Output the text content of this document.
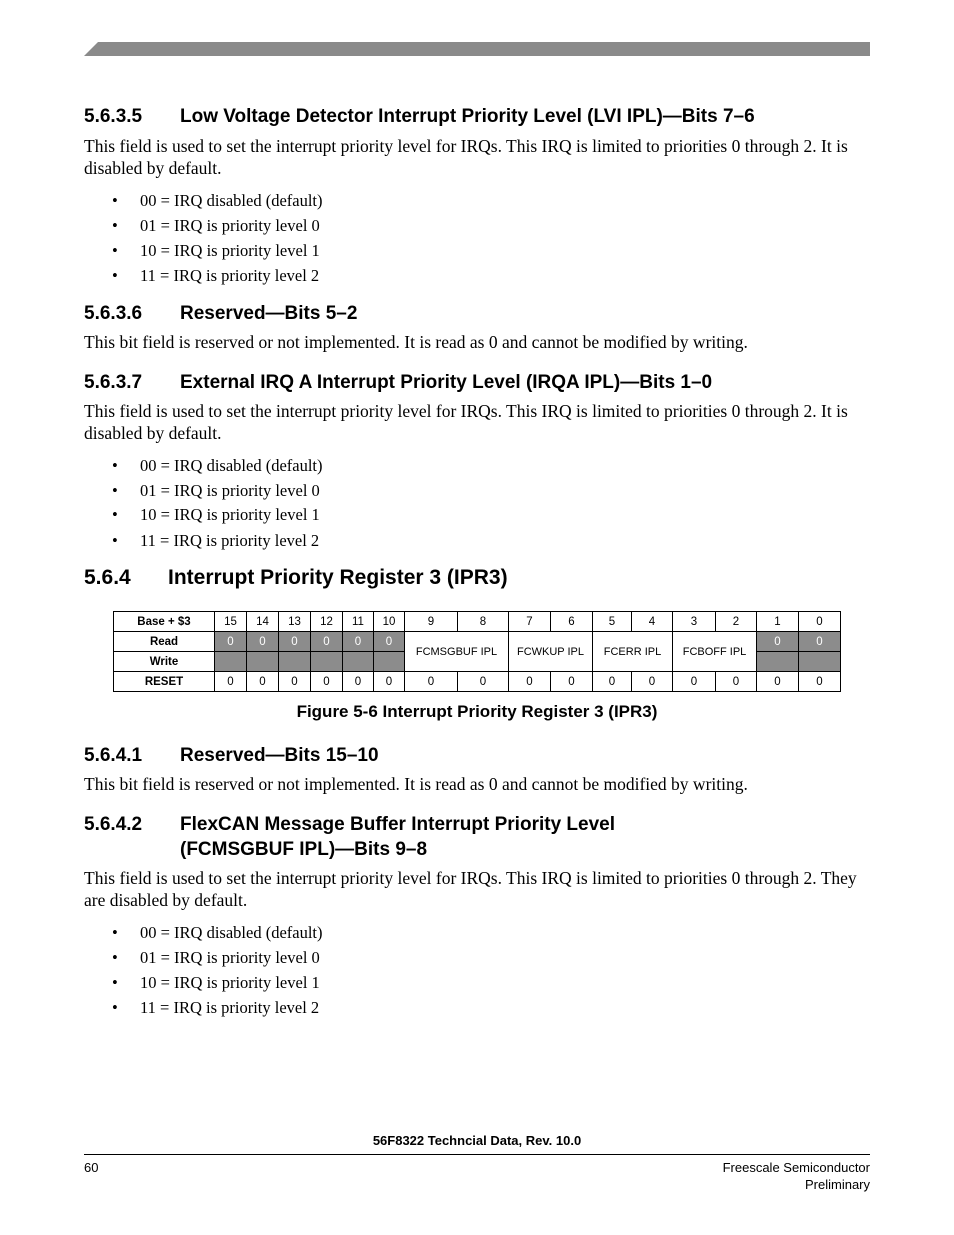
5.6.3.5 Low Voltage Detector Interrupt Priority Level (LVI IPL)—Bits 7–6
This field is used to set the interrupt priority level for IRQs. This IRQ is limited to priorities 0 through 2. It is disabled by default.
• 00 = IRQ disabled (default)
• 01 = IRQ is priority level 0
• 10 = IRQ is priority level 1
• 11 = IRQ is priority level 2
5.6.3.6 Reserved—Bits 5–2
This bit field is reserved or not implemented. It is read as 0 and cannot be modified by writing.
5.6.3.7 External IRQ A Interrupt Priority Level (IRQA IPL)—Bits 1–0
This field is used to set the interrupt priority level for IRQs. This IRQ is limited to priorities 0 through 2. It is disabled by default.
• 00 = IRQ disabled (default)
• 01 = IRQ is priority level 0
• 10 = IRQ is priority level 1
• 11 = IRQ is priority level 2
5.6.4 Interrupt Priority Register 3 (IPR3)
Base + $3	15	14	13	12	11	10	9	8	7	6	5	4	3	2	1	0
Read	0	0	0	0	0	0	FCMSGBUF IPL		FCWKUP IPL		FCERR IPL		FCBOFF IPL		0	0
Write																
RESET	0	0	0	0	0	0	0	0	0	0	0	0	0	0	0	0
Figure 5-6 Interrupt Priority Register 3 (IPR3)
5.6.4.1 Reserved—Bits 15–10
This bit field is reserved or not implemented. It is read as 0 and cannot be modified by writing.
5.6.4.2 FlexCAN Message Buffer Interrupt Priority Level
(FCMSGBUF IPL)—Bits 9–8
This field is used to set the interrupt priority level for IRQs. This IRQ is limited to priorities 0 through 2. They are disabled by default.
• 00 = IRQ disabled (default)
• 01 = IRQ is priority level 0
• 10 = IRQ is priority level 1
• 11 = IRQ is priority level 2
56F8322 Techncial Data, Rev. 10.0
60	Freescale Semiconductor
Preliminary
